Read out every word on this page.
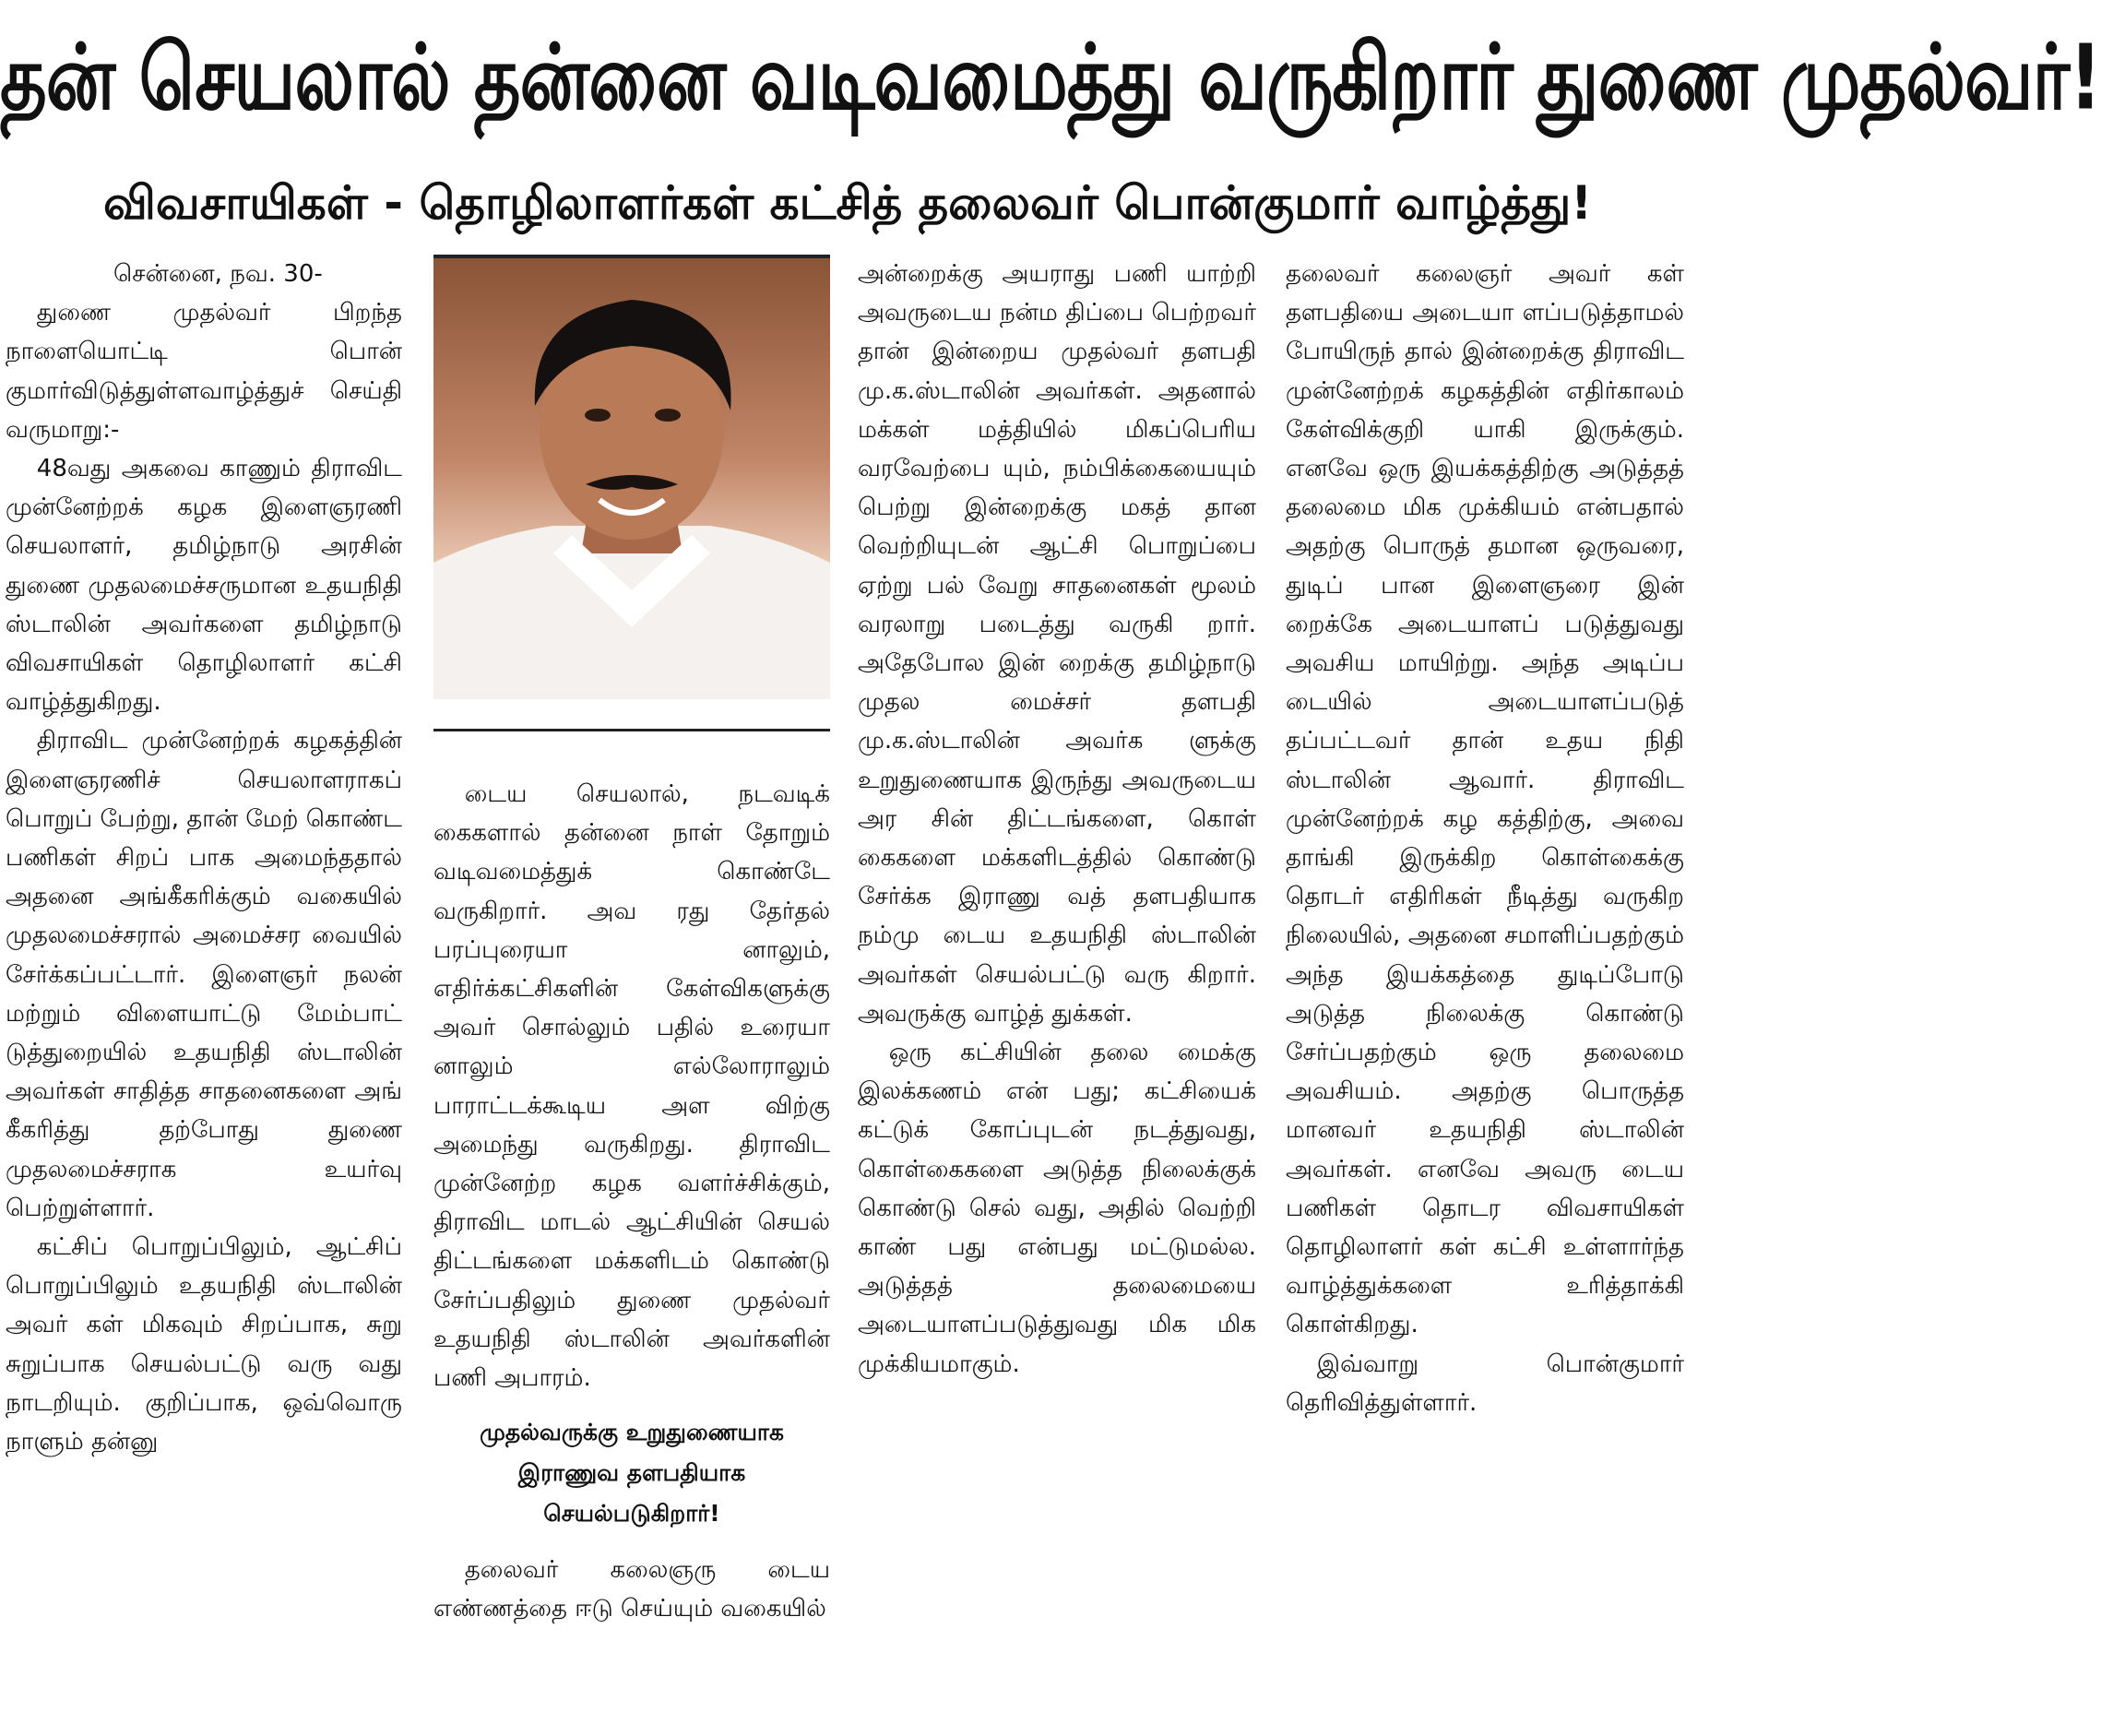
தன் செயலால் தன்னை வடிவமைத்து வருகிறார் துணை முதல்வர்!
விவசாயிகள் - தொழிலாளர்கள் கட்சித் தலைவர் பொன்குமார் வாழ்த்து!

சென்னை, நவ. 30-

துணை முதல்வர் பிறந்த நாளையொட்டி பொன் குமார்விடுத்துள்ளவாழ்த்துச் செய்தி வருமாறு:-

48வது அகவை காணும் திராவிட முன்னேற்றக் கழக இளைஞரணி செயலாளர், தமிழ்நாடு அரசின் துணை முதலமைச்சருமான உதயநிதி ஸ்டாலின் அவர்களை தமிழ்நாடு விவசாயிகள் தொழிலாளர் கட்சி வாழ்த்துகிறது.

திராவிட முன்னேற்றக் கழகத்தின் இளைஞரணிச் செயலாளராகப் பொறுப் பேற்று, தான் மேற் கொண்ட பணிகள் சிறப் பாக அமைந்ததால் அதனை அங்கீகரிக்கும் வகையில் முதலமைச்சரால் அமைச்சர வையில் சேர்க்கப்பட்டார். இளைஞர் நலன் மற்றும் விளையாட்டு மேம்பாட் டுத்துறையில் உதயநிதி ஸ்டாலின் அவர்கள் சாதித்த சாதனைகளை அங் கீகரித்து தற்போது துணை முதலமைச்சராக உயர்வு பெற்றுள்ளார்.

கட்சிப் பொறுப்பிலும், ஆட்சிப் பொறுப்பிலும் உதயநிதி ஸ்டாலின் அவர் கள் மிகவும் சிறப்பாக, சுறு சுறுப்பாக செயல்பட்டு வரு வது நாடறியும். குறிப்பாக, ஒவ்வொரு நாளும் தன்னு

டைய செயலால், நடவடிக் கைகளால் தன்னை நாள் தோறும் வடிவமைத்துக் கொண்டே வருகிறார். அவ ரது தேர்தல் பரப்புரையா னாலும், எதிர்க்கட்சிகளின் கேள்விகளுக்கு அவர் சொல்லும் பதில் உரையா னாலும் எல்லோராலும் பாராட்டக்கூடிய அள விற்கு அமைந்து வருகிறது. திராவிட முன்னேற்ற கழக வளர்ச்சிக்கும், திராவிட மாடல் ஆட்சியின் செயல் திட்டங்களை மக்களிடம் கொண்டு சேர்ப்பதிலும் துணை முதல்வர் உதயநிதி ஸ்டாலின் அவர்களின் பணி அபாரம்.

முதல்வருக்கு உறுதுணையாக
இராணுவ தளபதியாக
செயல்படுகிறார்!

தலைவர் கலைஞரு டைய எண்ணத்தை ஈடு செய்யும் வகையில்

அன்றைக்கு அயராது பணி யாற்றி அவருடைய நன்ம திப்பை பெற்றவர் தான் இன்றைய முதல்வர் தளபதி மு.க.ஸ்டாலின் அவர்கள். அதனால் மக்கள் மத்தியில் மிகப்பெரிய வரவேற்பை யும், நம்பிக்கையையும் பெற்று இன்றைக்கு மகத் தான வெற்றியுடன் ஆட்சி பொறுப்பை ஏற்று பல் வேறு சாதனைகள் மூலம் வரலாறு படைத்து வருகி றார். அதேபோல இன் றைக்கு தமிழ்நாடு முதல மைச்சர் தளபதி மு.க.ஸ்டாலின் அவர்க ளுக்கு உறுதுணையாக இருந்து அவருடைய அர சின் திட்டங்களை, கொள் கைகளை மக்களிடத்தில் கொண்டு சேர்க்க இராணு வத் தளபதியாக நம்மு டைய உதயநிதி ஸ்டாலின் அவர்கள் செயல்பட்டு வரு கிறார். அவருக்கு வாழ்த் துக்கள்.

ஒரு கட்சியின் தலை மைக்கு இலக்கணம் என் பது; கட்சியைக் கட்டுக் கோப்புடன் நடத்துவது, கொள்கைகளை அடுத்த நிலைக்குக் கொண்டு செல் வது, அதில் வெற்றி காண் பது என்பது மட்டுமல்ல. அடுத்தத் தலைமையை அடையாளப்படுத்துவது மிக மிக முக்கியமாகும்.

தலைவர் கலைஞர் அவர் கள் தளபதியை அடையா ளப்படுத்தாமல் போயிருந் தால் இன்றைக்கு திராவிட முன்னேற்றக் கழகத்தின் எதிர்காலம் கேள்விக்குறி யாகி இருக்கும். எனவே ஒரு இயக்கத்திற்கு அடுத்தத் தலைமை மிக முக்கியம் என்பதால் அதற்கு பொருத் தமான ஒருவரை, துடிப் பான இளைஞரை இன் றைக்கே அடையாளப் படுத்துவது அவசிய மாயிற்று. அந்த அடிப்ப டையில் அடையாளப்படுத் தப்பட்டவர் தான் உதய நிதி ஸ்டாலின் ஆவார். திராவிட முன்னேற்றக் கழ கத்திற்கு, அவை தாங்கி இருக்கிற கொள்கைக்கு தொடர் எதிரிகள் நீடித்து வருகிற நிலையில், அதனை சமாளிப்பதற்கும் அந்த இயக்கத்தை துடிப்போடு அடுத்த நிலைக்கு கொண்டு சேர்ப்பதற்கும் ஒரு தலைமை அவசியம். அதற்கு பொருத்த மானவர் உதயநிதி ஸ்டாலின் அவர்கள். எனவே அவரு டைய பணிகள் தொடர விவசாயிகள் தொழிலாளர் கள் கட்சி உள்ளார்ந்த வாழ்த்துக்களை உரித்தாக்கி கொள்கிறது.

இவ்வாறு பொன்குமார் தெரிவித்துள்ளார்.
